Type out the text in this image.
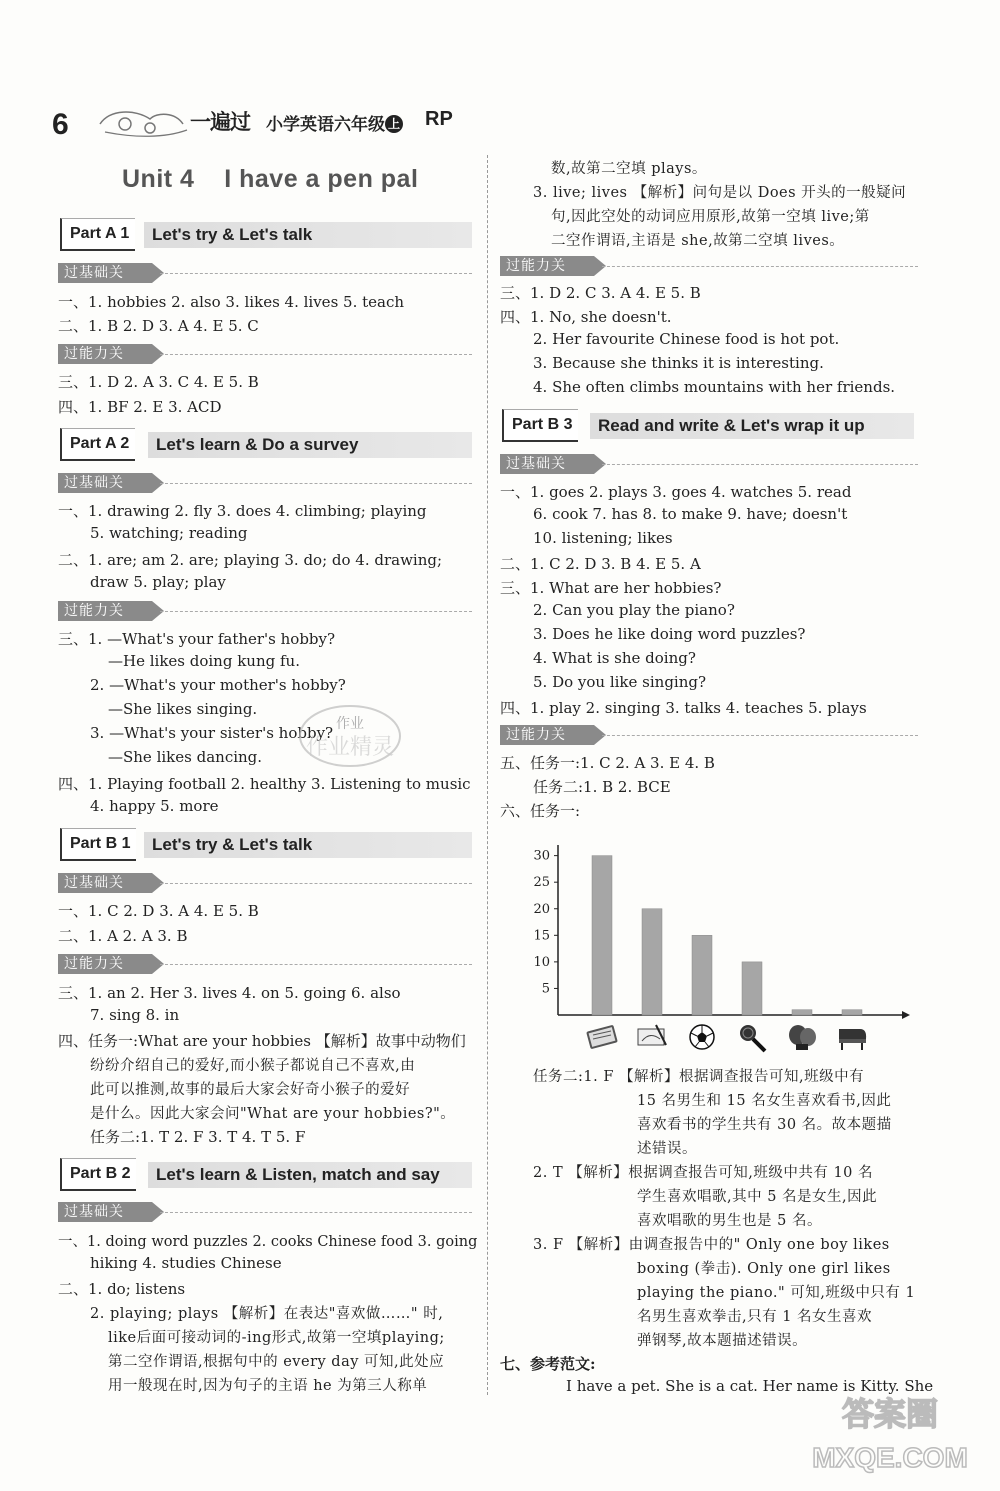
6	一遍过 小学英语六年级 上 RP
Unit 4    I have a pen pal
Part A 1	Let's try & Let's talk
过基础关
一、1. hobbies 2. also 3. likes 4. lives 5. teach
二、1. B 2. D 3. A 4. E 5. C
过能力关
三、1. D 2. A 3. C 4. E 5. B
四、1. BF 2. E 3. ACD
Part A 2	Let's learn & Do a survey
过基础关
一、1. drawing 2. fly 3. does 4. climbing; playing
5. watching; reading
二、1. are; am 2. are; playing 3. do; do 4. drawing;
draw 5. play; play
过能力关
三、1. —What's your father's hobby?
—He likes doing kung fu.
2. —What's your mother's hobby?
—She likes singing.
3. —What's your sister's hobby?
—She likes dancing.
四、1. Playing football 2. healthy 3. Listening to music
4. happy 5. more
Part B 1	Let's try & Let's talk
过基础关
一、1. C 2. D 3. A 4. E 5. B
二、1. A 2. A 3. B
过能力关
三、1. an 2. Her 3. lives 4. on 5. going 6. also
7. sing 8. in
四、任务一:What are your hobbies 【解析】故事中动物们
纷纷介绍自己的爱好,而小猴子都说自己不喜欢,由
此可以推测,故事的最后大家会好奇小猴子的爱好
是什么。因此大家会问"What are your hobbies?"。
任务二:1. T 2. F 3. T 4. T 5. F
Part B 2	Let's learn & Listen, match and say
过基础关
一、1. doing word puzzles 2. cooks Chinese food 3. going
hiking 4. studies Chinese
二、1. do; listens
2. playing; plays 【解析】在表达"喜欢做……" 时,
like后面可接动词的-ing形式,故第一空填playing;
第二空作谓语,根据句中的 every day 可知,此处应
用一般现在时,因为句子的主语 he 为第三人称单
数,故第二空填 plays。
3. live; lives 【解析】问句是以 Does 开头的一般疑问
句,因此空处的动词应用原形,故第一空填 live;第
二空作谓语,主语是 she,故第二空填 lives。
过能力关
三、1. D 2. C 3. A 4. E 5. B
四、1. No, she doesn't.
2. Her favourite Chinese food is hot pot.
3. Because she thinks it is interesting.
4. She often climbs mountains with her friends.
Part B 3	Read and write & Let's wrap it up
过基础关
一、1. goes 2. plays 3. goes 4. watches 5. read
6. cook 7. has 8. to make 9. have; doesn't
10. listening; likes
二、1. C 2. D 3. B 4. E 5. A
三、1. What are her hobbies?
2. Can you play the piano?
3. Does he like doing word puzzles?
4. What is she doing?
5. Do you like singing?
四、1. play 2. singing 3. talks 4. teaches 5. plays
过能力关
五、任务一:1. C 2. A 3. E 4. B
任务二:1. B 2. BCE
六、任务一:
5
10
15
20
25
30
任务二:1. F 【解析】根据调查报告可知,班级中有
15 名男生和 15 名女生喜欢看书,因此
喜欢看书的学生共有 30 名。故本题描
述错误。
2. T 【解析】根据调查报告可知,班级中共有 10 名
学生喜欢唱歌,其中 5 名是女生,因此
喜欢唱歌的男生也是 5 名。
3. F 【解析】由调查报告中的" Only one boy likes
boxing (拳击). Only one girl likes
playing the piano." 可知,班级中只有 1
名男生喜欢拳击,只有 1 名女生喜欢
弹钢琴,故本题描述错误。
七、参考范文:
I have a pet. She is a cat. Her name is Kitty. She
作业
作业精灵
答案圈
MXQE.COM
